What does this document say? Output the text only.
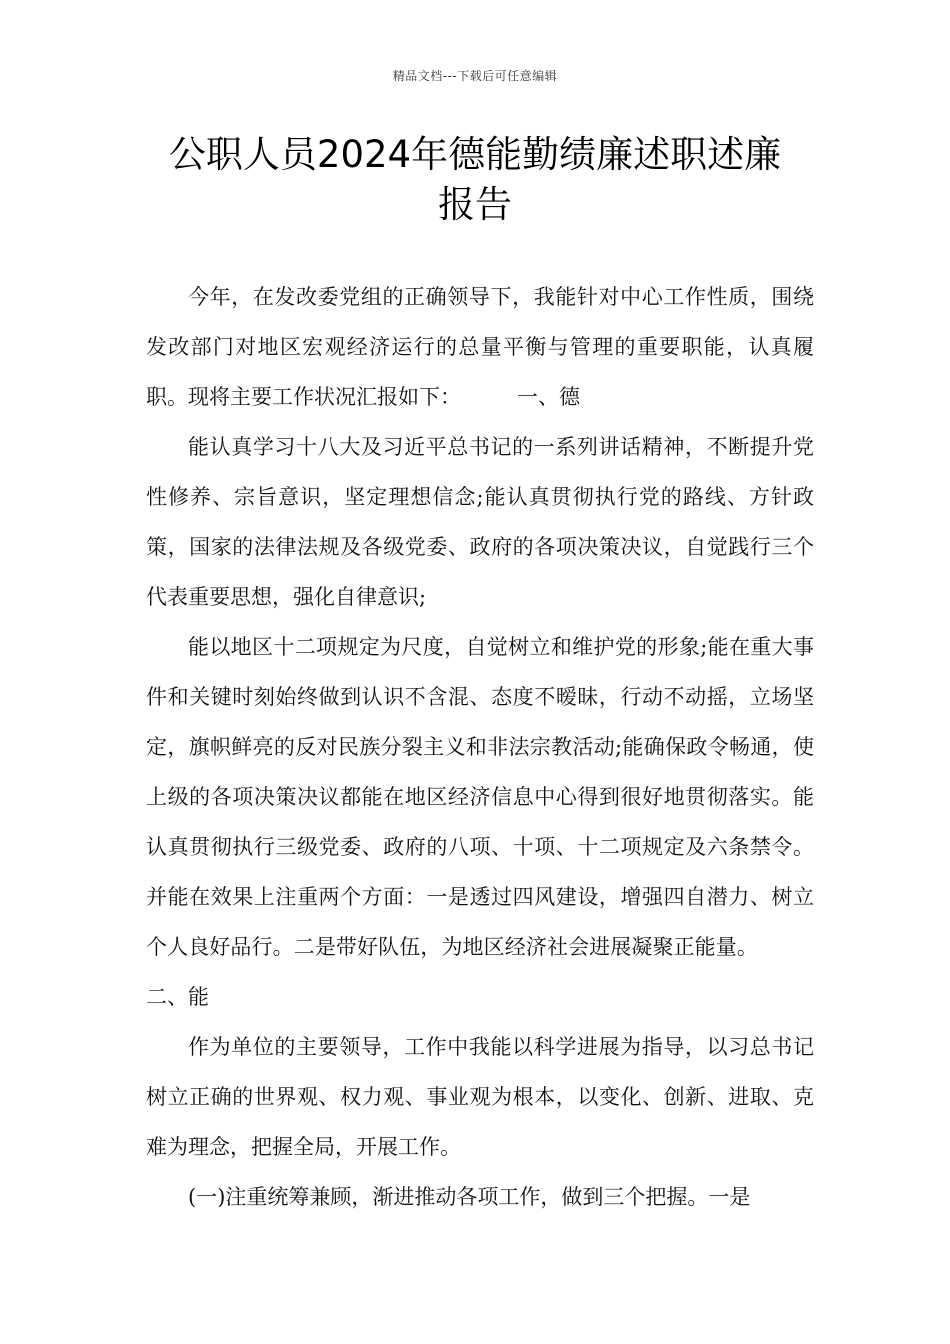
精品文档---下载后可任意编辑
公职人员2024年德能勤绩廉述职述廉
报告

今年，在发改委党组的正确领导下，我能针对中心工作性质，围绕发改部门对地区宏观经济运行的总量平衡与管理的重要职能，认真履职。现将主要工作状况汇报如下：	一、德

能认真学习十八大及习近平总书记的一系列讲话精神，不断提升党性修养、宗旨意识，坚定理想信念;能认真贯彻执行党的路线、方针政策，国家的法律法规及各级党委、政府的各项决策决议，自觉践行三个代表重要思想，强化自律意识;

能以地区十二项规定为尺度，自觉树立和维护党的形象;能在重大事件和关键时刻始终做到认识不含混、态度不暧昧，行动不动摇，立场坚定，旗帜鲜亮的反对民族分裂主义和非法宗教活动;能确保政令畅通，使上级的各项决策决议都能在地区经济信息中心得到很好地贯彻落实。能认真贯彻执行三级党委、政府的八项、十项、十二项规定及六条禁令。并能在效果上注重两个方面：一是透过四风建设，增强四自潜力、树立个人良好品行。二是带好队伍，为地区经济社会进展凝聚正能量。二、能

作为单位的主要领导，工作中我能以科学进展为指导，以习总书记树立正确的世界观、权力观、事业观为根本，以变化、创新、进取、克难为理念，把握全局，开展工作。

(一)注重统筹兼顾，渐进推动各项工作，做到三个把握。一是
